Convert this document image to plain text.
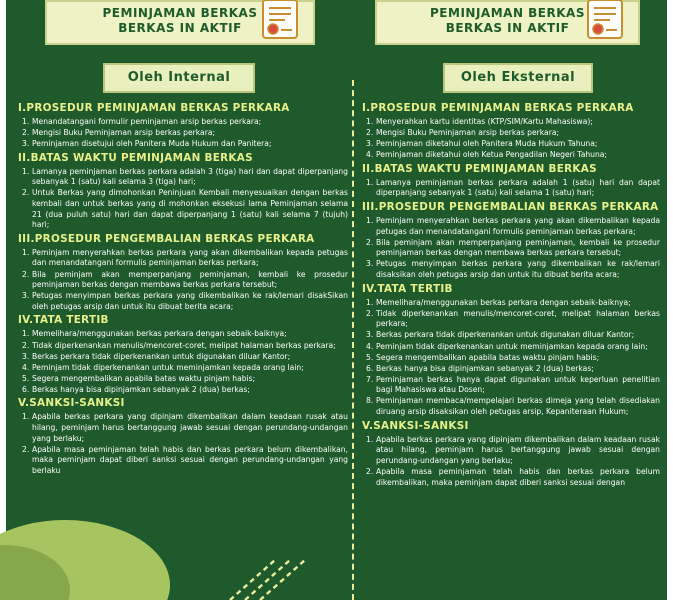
PEMINJAMAN BERKAS
BERKAS IN AKTIF
PEMINJAMAN BERKAS
BERKAS IN AKTIF
Oleh Internal	Oleh Eksternal
I.PROSEDUR PEMINJAMAN BERKAS PERKARA
1. Menandatangani formulir peminjaman arsip berkas perkara;
2. Mengisi Buku Peminjaman arsip berkas perkara;
3. Peminjaman disetujui oleh Panitera Muda Hukum dan Panitera;
II.BATAS WAKTU PEMINJAMAN BERKAS
1. Lamanya peminjaman berkas perkara adalah 3 (tiga) hari dan dapat diperpanjang sebanyak 1 (satu) kali selama 3 (tiga) hari;
2. Untuk Berkas yang dimohonkan Peninjuan Kembali menyesuaikan dengan berkas kembali dan untuk berkas yang di mohonkan eksekusi lama Peminjaman selama 21 (dua puluh satu) hari dan dapat diperpanjang 1 (satu) kali selama 7 (tujuh) hari;
III.PROSEDUR PENGEMBALIAN BERKAS PERKARA
1. Peminjam menyerahkan berkas perkara yang akan dikembalikan kepada petugas dan menandatangani formulis peminjaman berkas perkara;
2. Bila peminjam akan memperpanjang peminjaman, kembali ke prosedur peminjaman berkas dengan membawa berkas perkara tersebut;
3. Petugas menyimpan berkas perkara yang dikembalikan ke rak/lemari disakSikan oleh petugas arsip dan untuk itu dibuat berita acara;
IV.TATA TERTIB
1. Memelihara/menggunakan berkas perkara dengan sebaik-baiknya;
2. Tidak diperkenankan menulis/mencoret-coret, melipat halaman berkas perkara;
3. Berkas perkara tidak diperkenankan untuk digunakan diluar Kantor;
4. Peminjam tidak diperkenankan untuk meminjamkan kepada orang lain;
5. Segera mengembalikan apabila batas waktu pinjam habis;
6. Berkas hanya bisa dipinjamkan sebanyak 2 (dua) berkas;
V.SANKSI-SANKSI
1. Apabila berkas perkara yang dipinjam dikembalikan dalam keadaan rusak atau hilang, peminjam harus bertanggung jawab sesuai dengan perundang-undangan yang berlaku;
2. Apabila masa peminjaman telah habis dan berkas perkara belum dikembalikan, maka peminjam dapat diberi sanksi sesuai dengan perundang-undangan yang berlaku
I.PROSEDUR PEMINJAMAN BERKAS PERKARA
1. Menyerahkan kartu identitas (KTP/SIM/Kartu Mahasiswa);
2. Mengisi Buku Peminjaman arsip berkas perkara;
3. Peminjaman diketahui oleh Panitera Muda Hukum Tahuna;
4. Peminjaman diketahui oleh Ketua Pengadilan Negeri Tahuna;
II.BATAS WAKTU PEMINJAMAN BERKAS
1. Lamanya peminjaman berkas perkara adalah 1 (satu) hari dan dapat diperpanjang sebanyak 1 (satu) kali selama 1 (satu) hari;
III.PROSEDUR PENGEMBALIAN BERKAS PERKARA
1. Peminjam menyerahkan berkas perkara yang akan dikembalikan kepada petugas dan menandatangani formulis peminjaman berkas perkara;
2. Bila peminjam akan memperpanjang peminjaman, kembali ke prosedur peminjaman berkas dengan membawa berkas perkara tersebut;
3. Petugas menyimpan berkas perkara yang dikembalikan ke rak/lemari disaksikan oleh petugas arsip dan untuk itu dibuat berita acara;
IV.TATA TERTIB
1. Memelihara/menggunakan berkas perkara dengan sebaik-baiknya;
2. Tidak diperkenankan menulis/mencoret-coret, melipat halaman berkas perkara;
3. Berkas perkara tidak diperkenankan untuk digunakan diluar Kantor;
4. Peminjam tidak diperkenankan untuk meminjamkan kepada orang lain;
5. Segera mengembalikan apabila batas waktu pinjam habis;
6. Berkas hanya bisa dipinjamkan sebanyak 2 (dua) berkas;
7. Peminjaman berkas hanya dapat digunakan untuk keperluan penelitian bagi Mahasiswa atau Dosen;
8. Peminjaman membaca/mempelajari berkas dimeja yang telah disediakan diruang arsip disaksikan oleh petugas arsip, Kepaniteraan Hukum;
V.SANKSI-SANKSI
1. Apabila berkas perkara yang dipinjam dikembalikan dalam keadaan rusak atau hilang, peminjam harus bertanggung jawab sesuai dengan perundang-undangan yang berlaku;
2. Apabila masa peminjaman telah habis dan berkas perkara belum dikembalikan, maka peminjam dapat diberi sanksi sesuai dengan
